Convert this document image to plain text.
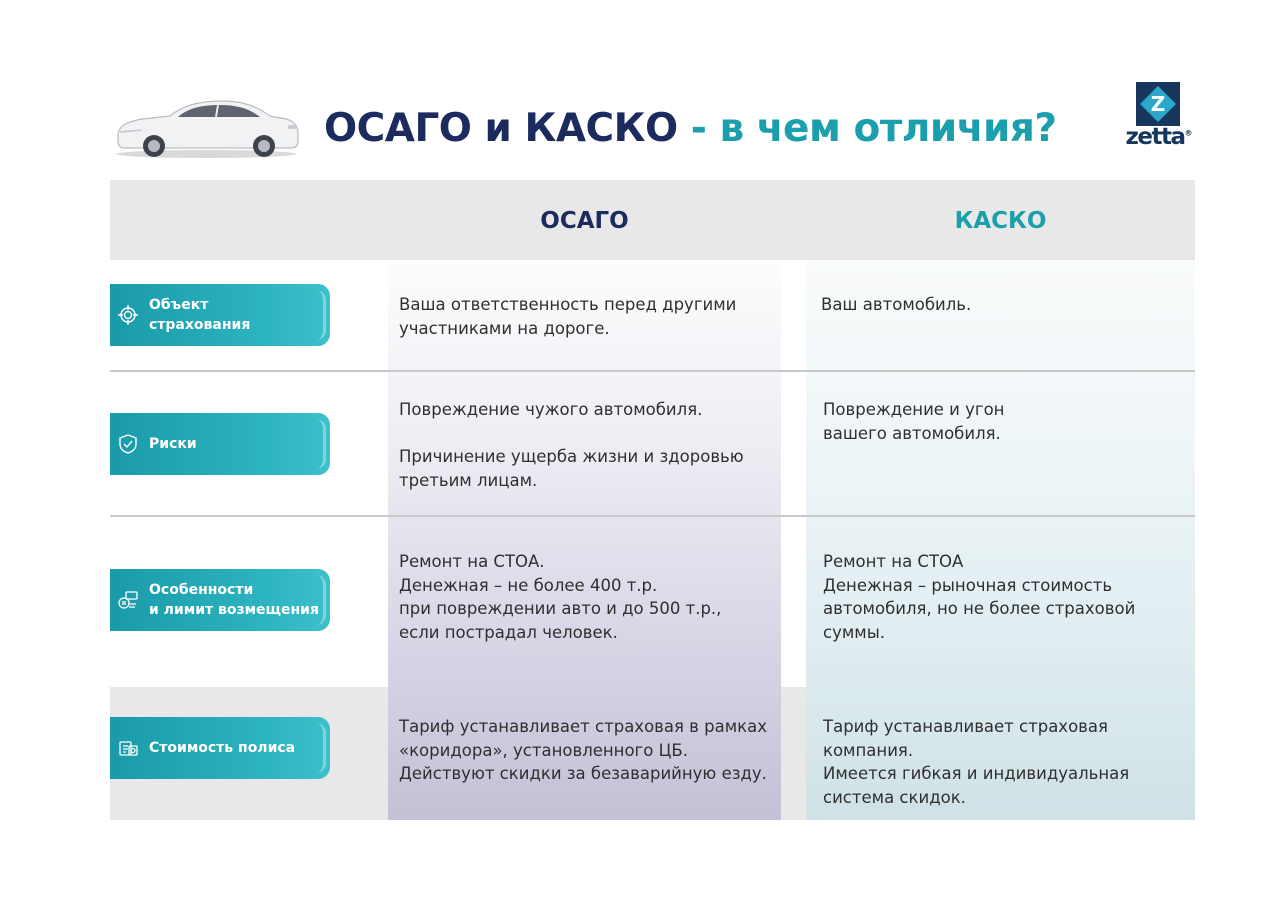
ОСАГО и КАСКО - в чем отличия?
Z
zetta®
ОСАГО	КАСКО
Объект
страхования
Ваша ответственность перед другими
участниками на дороге.
Ваш автомобиль.
Риски
Повреждение чужого автомобиля.

Причинение ущерба жизни и здоровью
третьим лицам.
Повреждение и угон
вашего автомобиля.
Особенности
и лимит возмещения
Ремонт на СТОА.
Денежная – не более 400 т.р.
при повреждении авто и до 500 т.р.,
если пострадал человек.
Ремонт на СТОА
Денежная – рыночная стоимость
автомобиля, но не более страховой
суммы.
Стоимость полиса
Тариф устанавливает страховая в рамках
«коридора», установленного ЦБ.
Действуют скидки за безаварийную езду.
Тариф устанавливает страховая
компания.
Имеется гибкая и индивидуальная
система скидок.
